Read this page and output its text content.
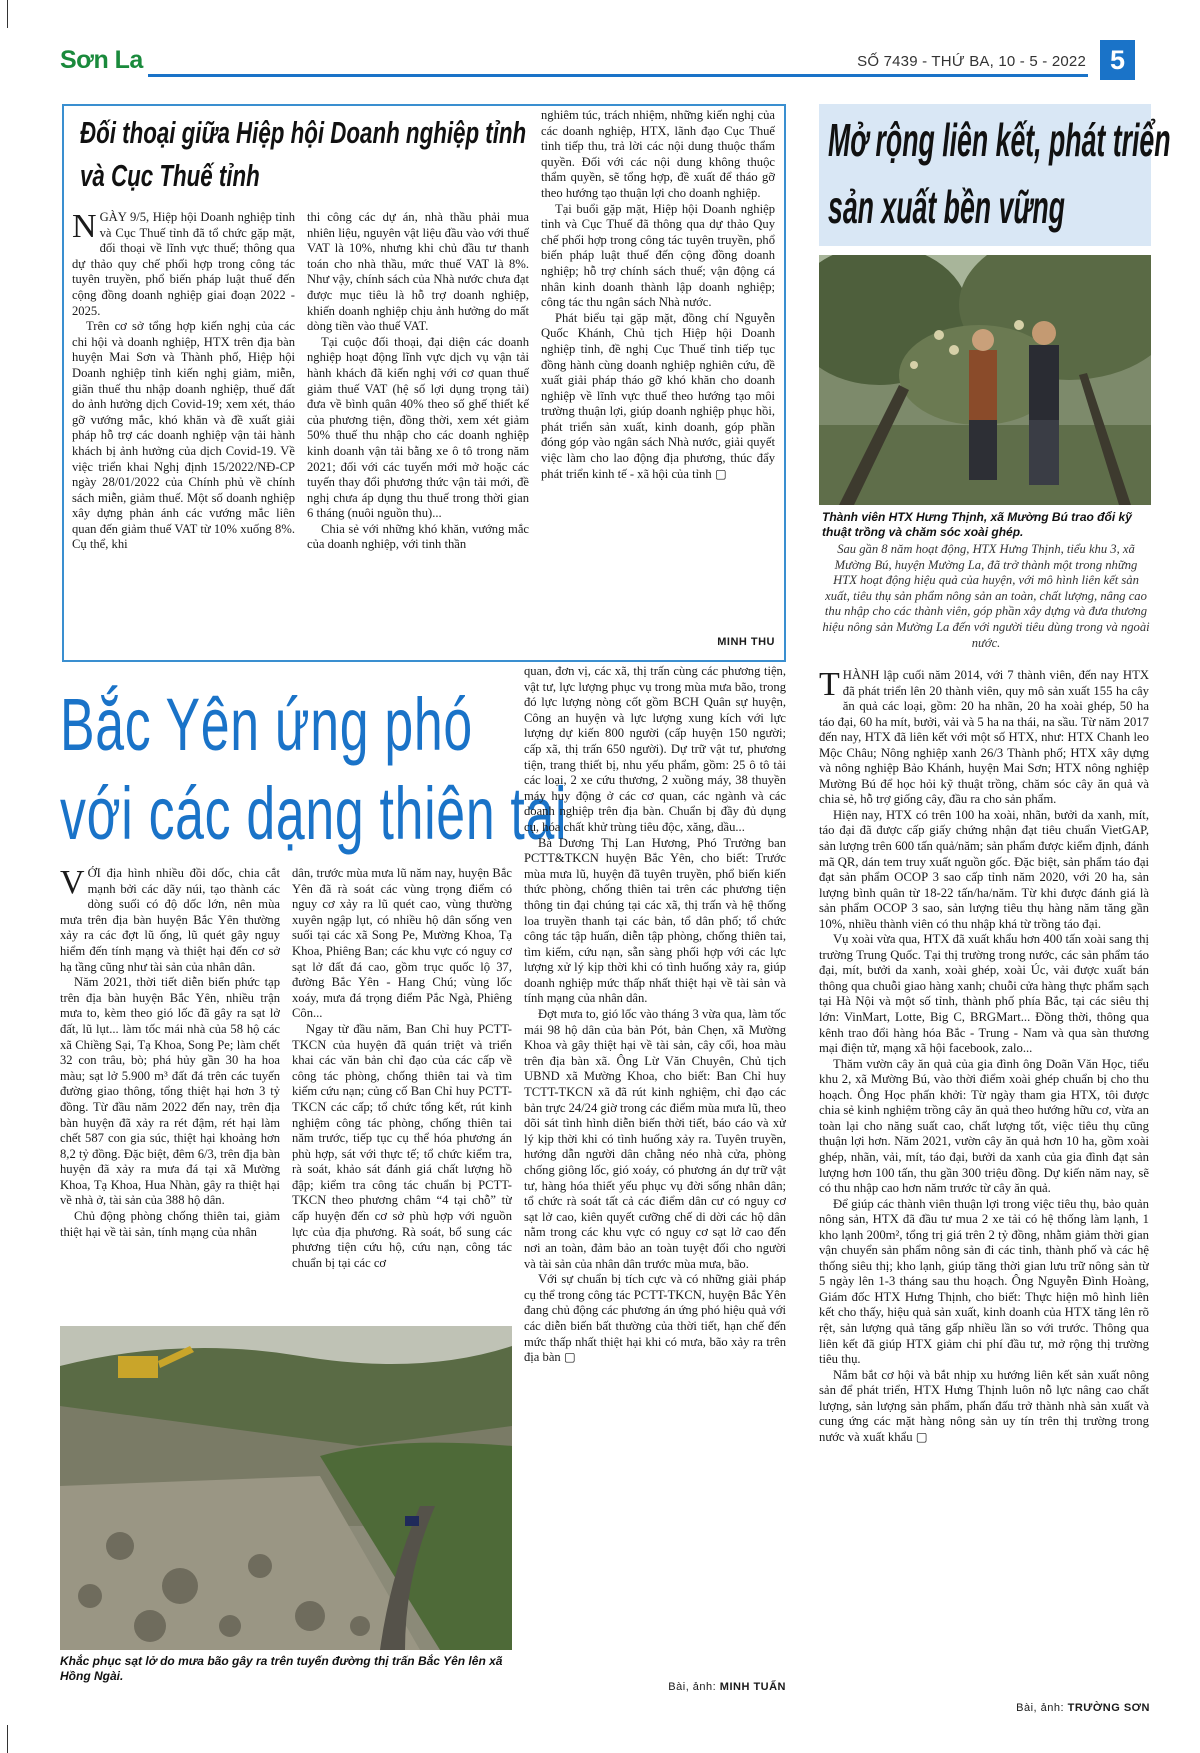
Sơn La	SỐ 7439 - THỨ BA, 10 - 5 - 2022 5
Đối thoại giữa Hiệp hội Doanh nghiệp tỉnh
và Cục Thuế tỉnh

NGÀY 9/5, Hiệp hội Doanh nghiệp tỉnh và Cục Thuế tỉnh đã tổ chức gặp mặt, đối thoại về lĩnh vực thuế; thông qua dự thảo quy chế phối hợp trong công tác tuyên truyền, phổ biến pháp luật thuế đến cộng đồng doanh nghiệp giai đoạn 2022 - 2025.

Trên cơ sở tổng hợp kiến nghị của các chi hội và doanh nghiệp, HTX trên địa bàn huyện Mai Sơn và Thành phố, Hiệp hội Doanh nghiệp tỉnh kiến nghị giảm, miễn, giãn thuế thu nhập doanh nghiệp, thuế đất do ảnh hưởng dịch Covid-19; xem xét, tháo gỡ vướng mắc, khó khăn và đề xuất giải pháp hỗ trợ các doanh nghiệp vận tải hành khách bị ảnh hưởng của dịch Covid-19. Về việc triển khai Nghị định 15/2022/NĐ-CP ngày 28/01/2022 của Chính phủ về chính sách miễn, giảm thuế. Một số doanh nghiệp xây dựng phản ánh các vướng mắc liên quan đến giảm thuế VAT từ 10% xuống 8%. Cụ thể, khi

thi công các dự án, nhà thầu phải mua nhiên liệu, nguyên vật liệu đầu vào với thuế VAT là 10%, nhưng khi chủ đầu tư thanh toán cho nhà thầu, mức thuế VAT là 8%. Như vậy, chính sách của Nhà nước chưa đạt được mục tiêu là hỗ trợ doanh nghiệp, khiến doanh nghiệp chịu ảnh hưởng do mất dòng tiền vào thuế VAT.

Tại cuộc đối thoại, đại diện các doanh nghiệp hoạt động lĩnh vực dịch vụ vận tải hành khách đã kiến nghị với cơ quan thuế giảm thuế VAT (hệ số lợi dụng trọng tải) đưa về bình quân 40% theo số ghế thiết kế của phương tiện, đồng thời, xem xét giảm 50% thuế thu nhập cho các doanh nghiệp kinh doanh vận tải bằng xe ô tô trong năm 2021; đối với các tuyến mới mở hoặc các tuyến thay đổi phương thức vận tải mới, đề nghị chưa áp dụng thu thuế trong thời gian 6 tháng (nuôi nguồn thu)...

Chia sẻ với những khó khăn, vướng mắc của doanh nghiệp, với tinh thần

nghiêm túc, trách nhiệm, những kiến nghị của các doanh nghiệp, HTX, lãnh đạo Cục Thuế tỉnh tiếp thu, trả lời các nội dung thuộc thẩm quyền. Đối với các nội dung không thuộc thẩm quyền, sẽ tổng hợp, đề xuất để tháo gỡ theo hướng tạo thuận lợi cho doanh nghiệp.

Tại buổi gặp mặt, Hiệp hội Doanh nghiệp tỉnh và Cục Thuế đã thông qua dự thảo Quy chế phối hợp trong công tác tuyên truyền, phổ biến pháp luật thuế đến cộng đồng doanh nghiệp; hỗ trợ chính sách thuế; vận động cá nhân kinh doanh thành lập doanh nghiệp; công tác thu ngân sách Nhà nước.

Phát biểu tại gặp mặt, đồng chí Nguyễn Quốc Khánh, Chủ tịch Hiệp hội Doanh nghiệp tỉnh, đề nghị Cục Thuế tỉnh tiếp tục đồng hành cùng doanh nghiệp nghiên cứu, đề xuất giải pháp tháo gỡ khó khăn cho doanh nghiệp về lĩnh vực thuế theo hướng tạo môi trường thuận lợi, giúp doanh nghiệp phục hồi, phát triển sản xuất, kinh doanh, góp phần đóng góp vào ngân sách Nhà nước, giải quyết việc làm cho lao động địa phương, thúc đẩy phát triển kinh tế - xã hội của tỉnh ▢

MINH THU
Mở rộng liên kết, phát triển
sản xuất bền vững
Thành viên HTX Hưng Thịnh, xã Mường Bú trao đổi kỹ thuật trồng và chăm sóc xoài ghép.
Sau gần 8 năm hoạt động, HTX Hưng Thịnh, tiểu khu 3, xã Mường Bú, huyện Mường La, đã trở thành một trong những HTX hoạt động hiệu quả của huyện, với mô hình liên kết sản xuất, tiêu thụ sản phẩm nông sản an toàn, chất lượng, nâng cao thu nhập cho các thành viên, góp phần xây dựng và đưa thương hiệu nông sản Mường La đến với người tiêu dùng trong và ngoài nước.

THÀNH lập cuối năm 2014, với 7 thành viên, đến nay HTX đã phát triển lên 20 thành viên, quy mô sản xuất 155 ha cây ăn quả các loại, gồm: 20 ha nhãn, 20 ha xoài ghép, 50 ha táo đại, 60 ha mít, bưởi, vải và 5 ha na thái, na sầu. Từ năm 2017 đến nay, HTX đã liên kết với một số HTX, như: HTX Chanh leo Mộc Châu; Nông nghiệp xanh 26/3 Thành phố; HTX xây dựng và nông nghiệp Bảo Khánh, huyện Mai Sơn; HTX nông nghiệp Mường Bú để học hỏi kỹ thuật trồng, chăm sóc cây ăn quả và chia sẻ, hỗ trợ giống cây, đầu ra cho sản phẩm.

Hiện nay, HTX có trên 100 ha xoài, nhãn, bưởi da xanh, mít, táo đại đã được cấp giấy chứng nhận đạt tiêu chuẩn VietGAP, sản lượng trên 600 tấn quả/năm; sản phẩm được kiểm định, đánh mã QR, dán tem truy xuất nguồn gốc. Đặc biệt, sản phẩm táo đại đạt sản phẩm OCOP 3 sao cấp tỉnh năm 2020, với 20 ha, sản lượng bình quân từ 18-22 tấn/ha/năm. Từ khi được đánh giá là sản phẩm OCOP 3 sao, sản lượng tiêu thụ hàng năm tăng gần 10%, nhiều thành viên có thu nhập khá từ trồng táo đại.

Vụ xoài vừa qua, HTX đã xuất khẩu hơn 400 tấn xoài sang thị trường Trung Quốc. Tại thị trường trong nước, các sản phẩm táo đại, mít, bưởi da xanh, xoài ghép, xoài Úc, vải được xuất bán thông qua chuỗi giao hàng xanh; chuỗi cửa hàng thực phẩm sạch tại Hà Nội và một số tỉnh, thành phố phía Bắc, tại các siêu thị lớn: VinMart, Lotte, Big C, BRGMart... Đồng thời, thông qua kênh trao đổi hàng hóa Bắc - Trung - Nam và qua sàn thương mại điện tử, mạng xã hội facebook, zalo...

Thăm vườn cây ăn quả của gia đình ông Doãn Văn Học, tiểu khu 2, xã Mường Bú, vào thời điểm xoài ghép chuẩn bị cho thu hoạch. Ông Học phấn khởi: Từ ngày tham gia HTX, tôi được chia sẻ kinh nghiệm trồng cây ăn quả theo hướng hữu cơ, vừa an toàn lại cho năng suất cao, chất lượng tốt, việc tiêu thụ cũng thuận lợi hơn. Năm 2021, vườn cây ăn quả hơn 10 ha, gồm xoài ghép, nhãn, vải, mít, táo đại, bưởi da xanh của gia đình đạt sản lượng hơn 100 tấn, thu gần 300 triệu đồng. Dự kiến năm nay, sẽ có thu nhập cao hơn năm trước từ cây ăn quả.

Để giúp các thành viên thuận lợi trong việc tiêu thụ, bảo quản nông sản, HTX đã đầu tư mua 2 xe tải có hệ thống làm lạnh, 1 kho lạnh 200m², tổng trị giá trên 2 tỷ đồng, nhằm giảm thời gian vận chuyển sản phẩm nông sản đi các tỉnh, thành phố và các hệ thống siêu thị; kho lạnh, giúp tăng thời gian lưu trữ nông sản từ 5 ngày lên 1-3 tháng sau thu hoạch. Ông Nguyễn Đình Hoàng, Giám đốc HTX Hưng Thịnh, cho biết: Thực hiện mô hình liên kết cho thấy, hiệu quả sản xuất, kinh doanh của HTX tăng lên rõ rệt, sản lượng quả tăng gấp nhiều lần so với trước. Thông qua liên kết đã giúp HTX giảm chi phí đầu tư, mở rộng thị trường tiêu thụ.

Nắm bắt cơ hội và bắt nhịp xu hướng liên kết sản xuất nông sản để phát triển, HTX Hưng Thịnh luôn nỗ lực nâng cao chất lượng, sản lượng sản phẩm, phấn đấu trở thành nhà sản xuất và cung ứng các mặt hàng nông sản uy tín trên thị trường trong nước và xuất khẩu ▢

Bài, ảnh: TRƯỜNG SƠN
Bắc Yên ứng phó
với các dạng thiên tai

VỚI địa hình nhiều đồi dốc, chia cắt mạnh bởi các dãy núi, tạo thành các dòng suối có độ dốc lớn, nên mùa mưa trên địa bàn huyện Bắc Yên thường xảy ra các đợt lũ ống, lũ quét gây nguy hiểm đến tính mạng và thiệt hại đến cơ sở hạ tầng cũng như tài sản của nhân dân.

Năm 2021, thời tiết diễn biến phức tạp trên địa bàn huyện Bắc Yên, nhiều trận mưa to, kèm theo gió lốc đã gây ra sạt lở đất, lũ lụt... làm tốc mái nhà của 58 hộ các xã Chiềng Sại, Tạ Khoa, Song Pe; làm chết 32 con trâu, bò; phá hủy gần 30 ha hoa màu; sạt lở 5.900 m³ đất đá trên các tuyến đường giao thông, tổng thiệt hại hơn 3 tỷ đồng. Từ đầu năm 2022 đến nay, trên địa bàn huyện đã xảy ra rét đậm, rét hại làm chết 587 con gia súc, thiệt hại khoảng hơn 8,2 tỷ đồng. Đặc biệt, đêm 6/3, trên địa bàn huyện đã xảy ra mưa đá tại xã Mường Khoa, Tạ Khoa, Hua Nhàn, gây ra thiệt hại về nhà ở, tài sản của 388 hộ dân.

Chủ động phòng chống thiên tai, giảm thiệt hại về tài sản, tính mạng của nhân

dân, trước mùa mưa lũ năm nay, huyện Bắc Yên đã rà soát các vùng trọng điểm có nguy cơ xảy ra lũ quét cao, vùng thường xuyên ngập lụt, có nhiều hộ dân sống ven suối tại các xã Song Pe, Mường Khoa, Tạ Khoa, Phiêng Ban; các khu vực có nguy cơ sạt lở đất đá cao, gồm trục quốc lộ 37, đường Bắc Yên - Hang Chú; vùng lốc xoáy, mưa đá trọng điểm Pắc Ngà, Phiêng Côn...

Ngay từ đầu năm, Ban Chỉ huy PCTT-TKCN của huyện đã quán triệt và triển khai các văn bản chỉ đạo của các cấp về công tác phòng, chống thiên tai và tìm kiếm cứu nạn; củng cố Ban Chỉ huy PCTT-TKCN các cấp; tổ chức tổng kết, rút kinh nghiệm công tác phòng, chống thiên tai năm trước, tiếp tục cụ thể hóa phương án phù hợp, sát với thực tế; tổ chức kiểm tra, rà soát, khảo sát đánh giá chất lượng hồ đập; kiểm tra công tác chuẩn bị PCTT-TKCN theo phương châm “4 tại chỗ” từ cấp huyện đến cơ sở phù hợp với nguồn lực của địa phương. Rà soát, bổ sung các phương tiện cứu hộ, cứu nạn, công tác chuẩn bị tại các cơ

quan, đơn vị, các xã, thị trấn cùng các phương tiện, vật tư, lực lượng phục vụ trong mùa mưa bão, trong đó lực lượng nòng cốt gồm BCH Quân sự huyện, Công an huyện và lực lượng xung kích với lực lượng dự kiến 800 người (cấp huyện 150 người; cấp xã, thị trấn 650 người). Dự trữ vật tư, phương tiện, trang thiết bị, nhu yếu phẩm, gồm: 25 ô tô tải các loại, 2 xe cứu thương, 2 xuồng máy, 38 thuyền máy huy động ở các cơ quan, các ngành và các doanh nghiệp trên địa bàn. Chuẩn bị đầy đủ dụng cụ, hóa chất khử trùng tiêu độc, xăng, dầu...

Bà Dương Thị Lan Hương, Phó Trưởng ban PCTT&TKCN huyện Bắc Yên, cho biết: Trước mùa mưa lũ, huyện đã tuyên truyền, phổ biến kiến thức phòng, chống thiên tai trên các phương tiện thông tin đại chúng tại các xã, thị trấn và hệ thống loa truyền thanh tại các bản, tổ dân phố; tổ chức công tác tập huấn, diễn tập phòng, chống thiên tai, tìm kiếm, cứu nạn, sẵn sàng phối hợp với các lực lượng xử lý kịp thời khi có tình huống xảy ra, giúp doanh nghiệp mức thấp nhất thiệt hại về tài sản và tính mạng của nhân dân.

Đợt mưa to, gió lốc vào tháng 3 vừa qua, làm tốc mái 98 hộ dân của bản Pót, bản Chẹn, xã Mường Khoa và gây thiệt hại về tài sản, cây cối, hoa màu trên địa bàn xã. Ông Lừ Văn Chuyên, Chủ tịch UBND xã Mường Khoa, cho biết: Ban Chỉ huy TCTT-TKCN xã đã rút kinh nghiệm, chỉ đạo các bản trực 24/24 giờ trong các điểm mùa mưa lũ, theo dõi sát tình hình diễn biến thời tiết, báo cáo và xử lý kịp thời khi có tình huống xảy ra. Tuyên truyền, hướng dẫn người dân chằng néo nhà cửa, phòng chống giông lốc, gió xoáy, có phương án dự trữ vật tư, hàng hóa thiết yếu phục vụ đời sống nhân dân; tổ chức rà soát tất cả các điểm dân cư có nguy cơ sạt lở cao, kiên quyết cưỡng chế di dời các hộ dân nằm trong các khu vực có nguy cơ sạt lở cao đến nơi an toàn, đảm bảo an toàn tuyệt đối cho người và tài sản của nhân dân trước mùa mưa, bão.

Với sự chuẩn bị tích cực và có những giải pháp cụ thể trong công tác PCTT-TKCN, huyện Bắc Yên đang chủ động các phương án ứng phó hiệu quả với các diễn biến bất thường của thời tiết, hạn chế đến mức thấp nhất thiệt hại khi có mưa, bão xảy ra trên địa bàn ▢

Bài, ảnh: MINH TUẤN
Khắc phục sạt lở do mưa bão gây ra trên tuyến đường thị trấn Bắc Yên lên xã Hồng Ngài.
